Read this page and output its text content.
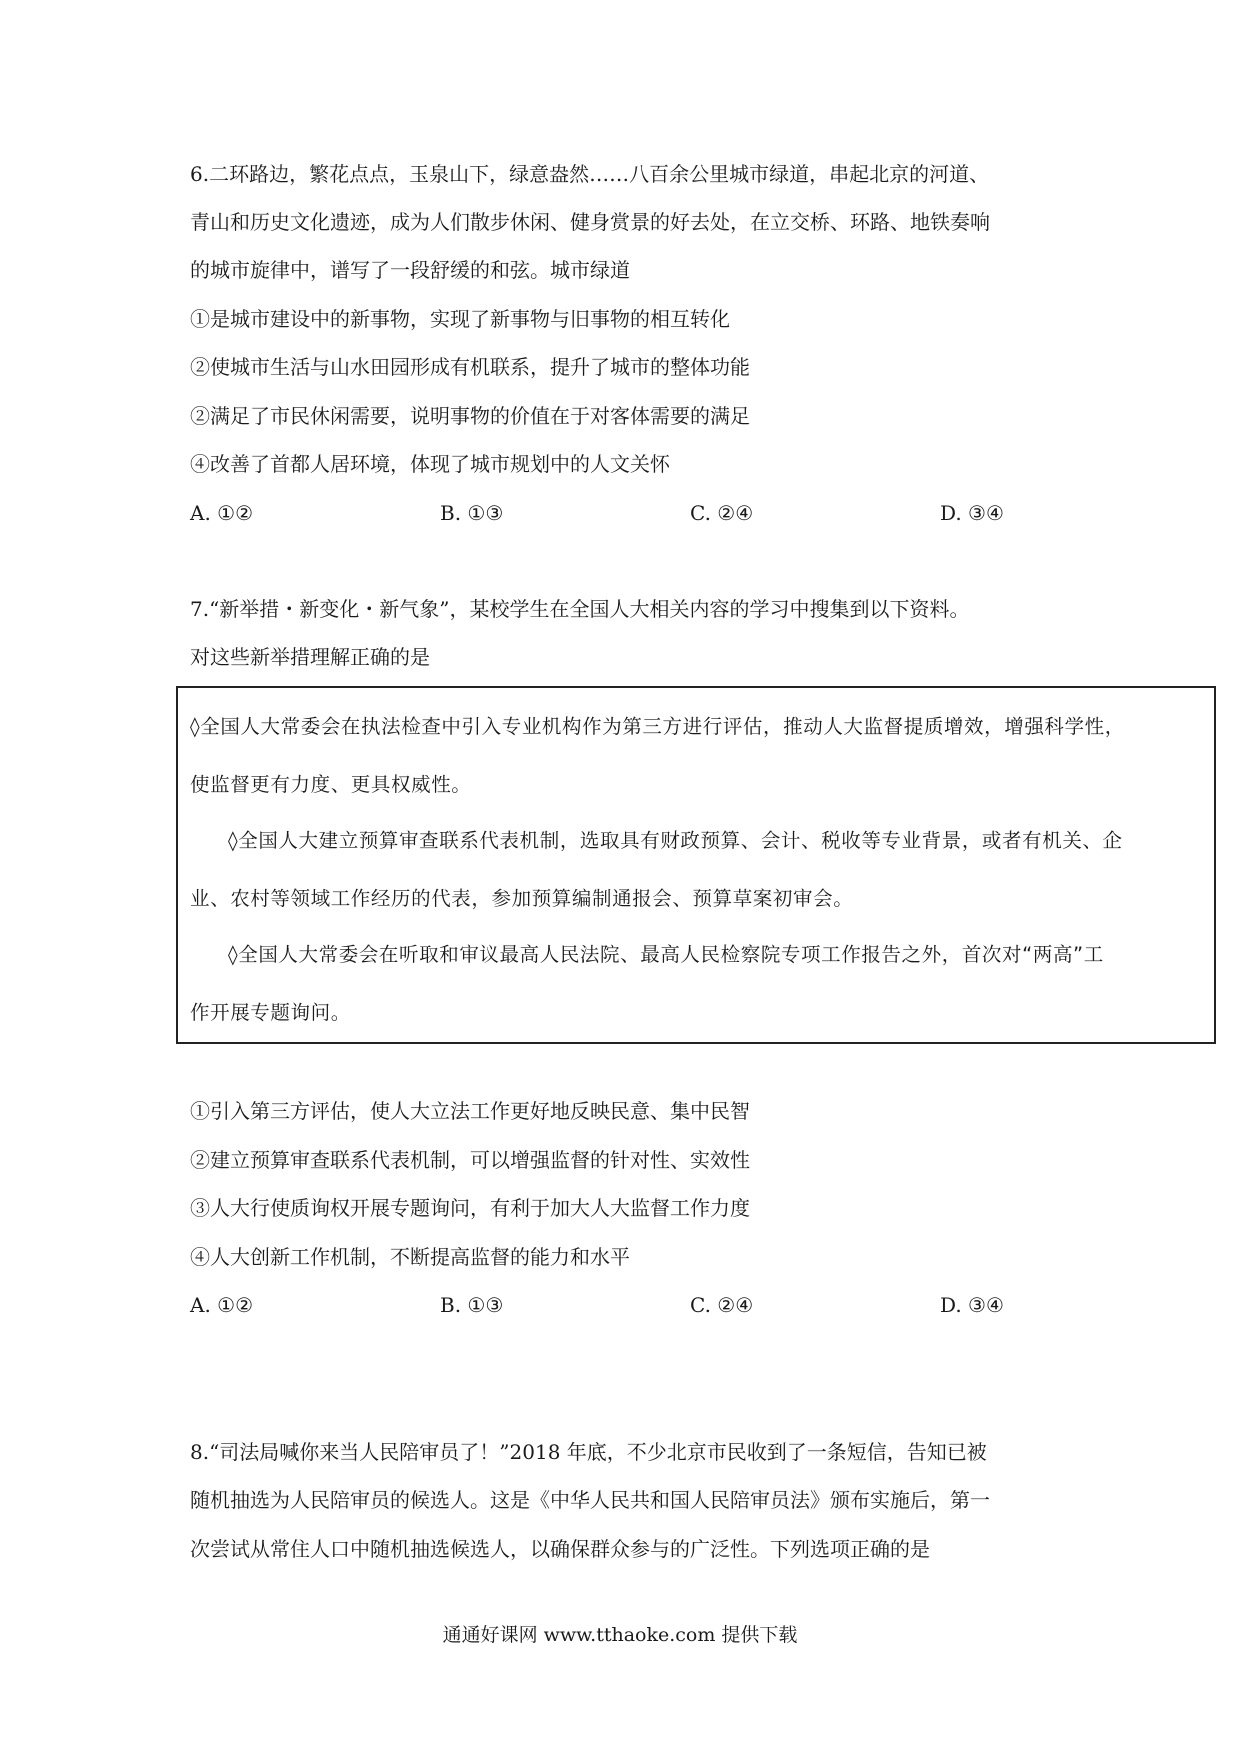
6.二环路边，繁花点点，玉泉山下，绿意盎然……八百余公里城市绿道，串起北京的河道、
青山和历史文化遗迹，成为人们散步休闲、健身赏景的好去处，在立交桥、环路、地铁奏响
的城市旋律中，谱写了一段舒缓的和弦。城市绿道
①是城市建设中的新事物，实现了新事物与旧事物的相互转化
②使城市生活与山水田园形成有机联系，提升了城市的整体功能
②满足了市民休闲需要，说明事物的价值在于对客体需要的满足
④改善了首都人居环境，体现了城市规划中的人文关怀
A. ①②	B. ①③	C. ②④	D. ③④
7.“新举措・新变化・新气象”，某校学生在全国人大相关内容的学习中搜集到以下资料。
对这些新举措理解正确的是
◊全国人大常委会在执法检查中引入专业机构作为第三方进行评估，推动人大监督提质增效，增强科学性，
使监督更有力度、更具权威性。
◊全国人大建立预算审查联系代表机制，选取具有财政预算、会计、税收等专业背景，或者有机关、企
业、农村等领域工作经历的代表，参加预算编制通报会、预算草案初审会。
◊全国人大常委会在听取和审议最高人民法院、最高人民检察院专项工作报告之外，首次对“两高”工
作开展专题询问。
①引入第三方评估，使人大立法工作更好地反映民意、集中民智
②建立预算审查联系代表机制，可以增强监督的针对性、实效性
③人大行使质询权开展专题询问，有利于加大人大监督工作力度
④人大创新工作机制，不断提高监督的能力和水平
A. ①②	B. ①③	C. ②④	D. ③④
8.“司法局喊你来当人民陪审员了！”2018 年底，不少北京市民收到了一条短信，告知已被
随机抽选为人民陪审员的候选人。这是《中华人民共和国人民陪审员法》颁布实施后，第一
次尝试从常住人口中随机抽选候选人，以确保群众参与的广泛性。下列选项正确的是
通通好课网 www.tthaoke.com 提供下载
